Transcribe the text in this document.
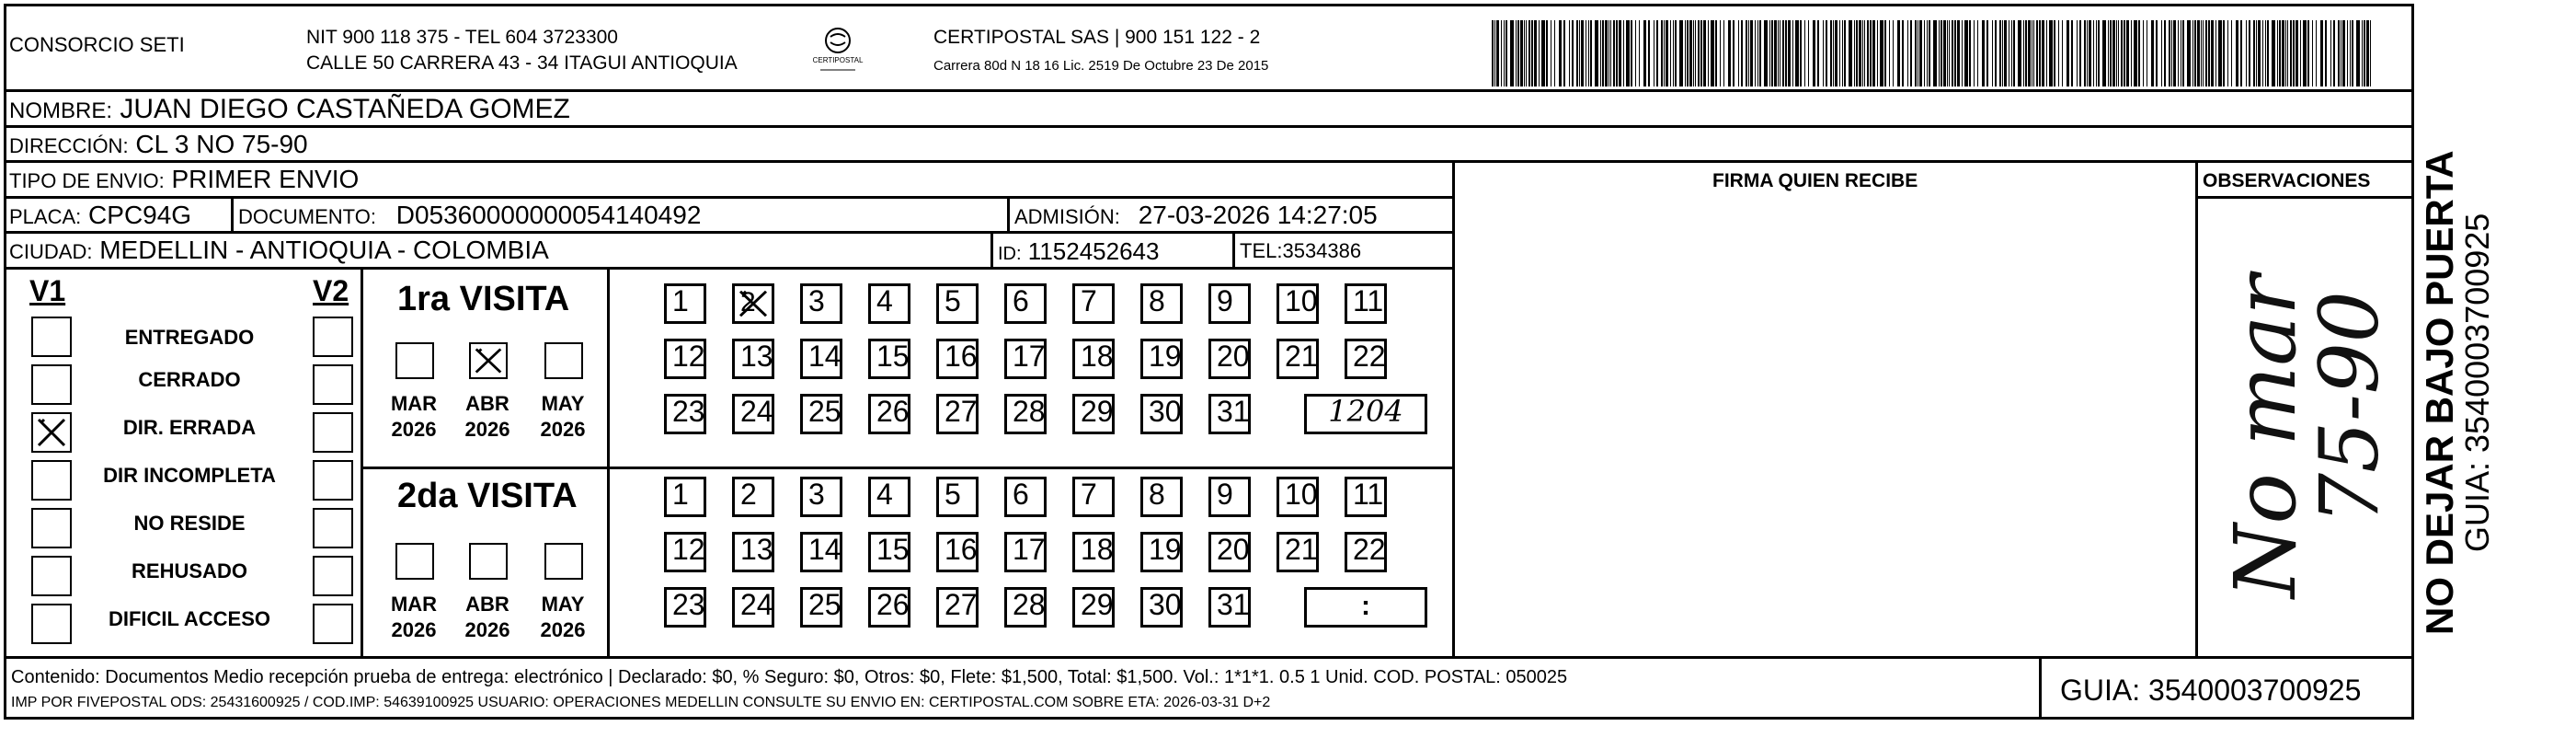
CONSORCIO SETI	NIT 900 118 375 - TEL 604 3723300
CALLE 50 CARRERA 43 - 34 ITAGUI ANTIOQUIA	CERTIPOSTAL
CERTIPOSTAL SAS | 900 151 122 - 2
Carrera 80d N 18 16 Lic. 2519 De Octubre 23 De 2015
NOMBRE: JUAN DIEGO CASTAÑEDA GOMEZ
DIRECCIÓN: CL 3 NO 75-90
TIPO DE ENVIO: PRIMER ENVIO
PLACA: CPC94G DOCUMENTO: D05360000000054140492	ADMISIÓN: 27-03-2026 14:27:05
CIUDAD: MEDELLIN - ANTIOQUIA - COLOMBIA	ID: 1152452643	TEL:3534386
FIRMA QUIEN RECIBE	OBSERVACIONES
No mar
75-90
V1	V2
ENTREGADO
CERRADO
DIR. ERRADA
DIR INCOMPLETA
NO RESIDE
REHUSADO
DIFICIL ACCESO
1ra VISITA
2da VISITA
MAR
2026
ABR
2026
MAY
2026
MAR
2026
ABR
2026
MAY
2026
1 2 3 4 5 6 7 8 9 10 11
12 13 14 15 16 17 18 19 20 21 22
23 24 25 26 27 28 29 30 31	1204
1 2 3 4 5 6 7 8 9 10 11
12 13 14 15 16 17 18 19 20 21 22
23 24 25 26 27 28 29 30 31	:
Contenido: Documentos Medio recepción prueba de entrega: electrónico | Declarado: $0, % Seguro: $0, Otros: $0, Flete: $1,500, Total: $1,500. Vol.: 1*1*1. 0.5 1 Unid. COD. POSTAL: 050025
IMP POR FIVEPOSTAL ODS: 25431600925 / COD.IMP: 54639100925 USUARIO: OPERACIONES MEDELLIN CONSULTE SU ENVIO EN: CERTIPOSTAL.COM SOBRE ETA: 2026-03-31 D+2	GUIA: 3540003700925
NO DEJAR BAJO PUERTA
GUIA: 3540003700925
